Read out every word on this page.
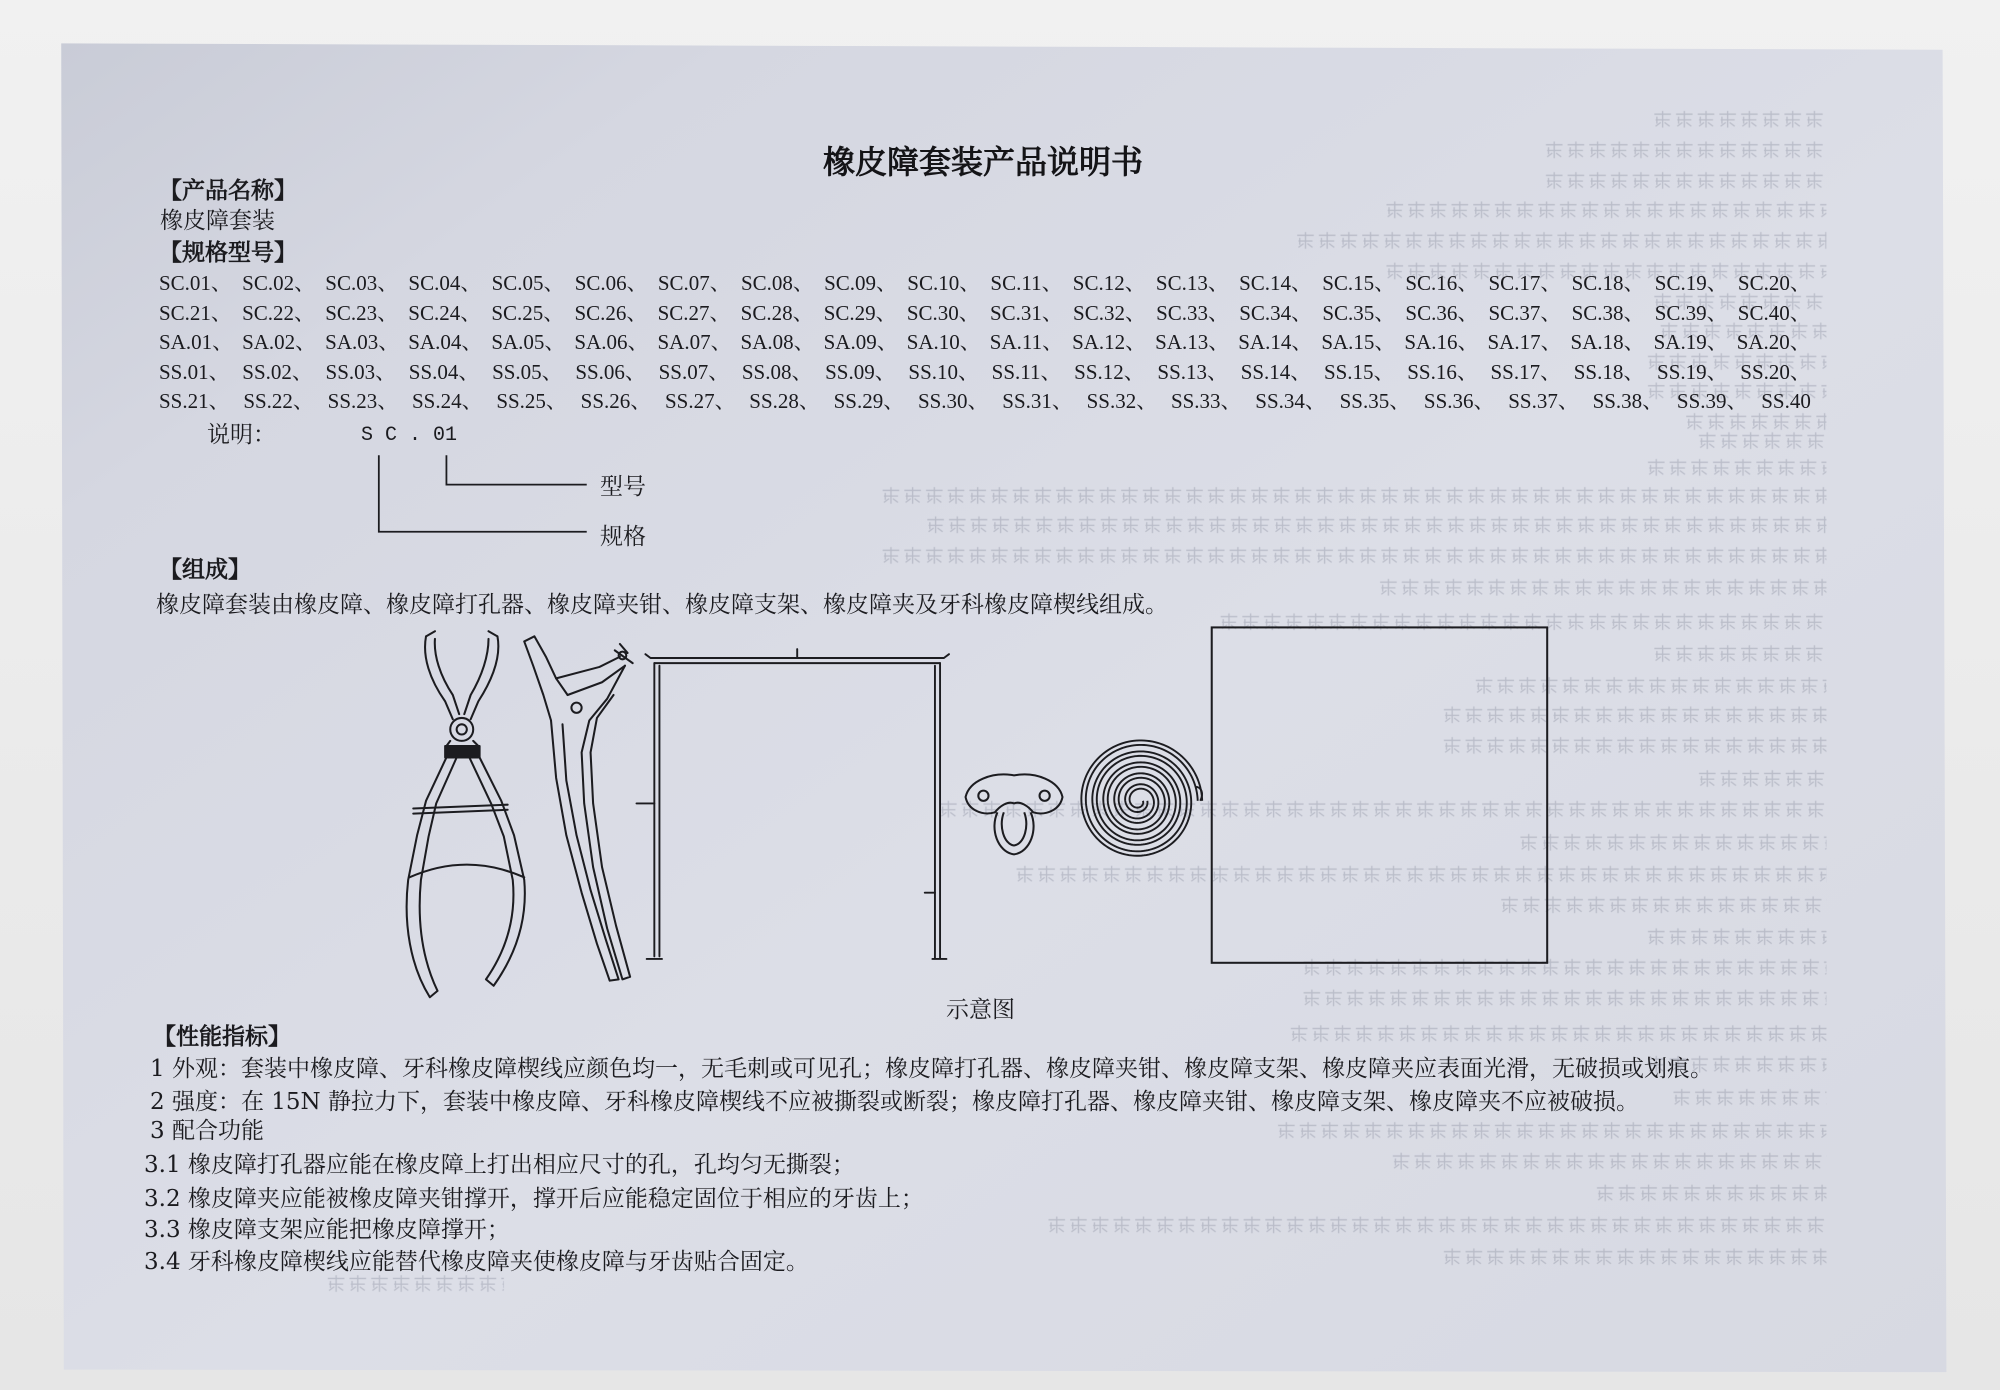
橡皮障套装产品说明书
【产品名称】
橡皮障套装
【规格型号】
SC.01、 SC.02、 SC.03、 SC.04、 SC.05、 SC.06、 SC.07、 SC.08、 SC.09、 SC.10、 SC.11、 SC.12、 SC.13、 SC.14、 SC.15、 SC.16、 SC.17、 SC.18、 SC.19、 SC.20、
SC.21、 SC.22、 SC.23、 SC.24、 SC.25、 SC.26、 SC.27、 SC.28、 SC.29、 SC.30、 SC.31、 SC.32、 SC.33、 SC.34、 SC.35、 SC.36、 SC.37、 SC.38、 SC.39、 SC.40、
SA.01、 SA.02、 SA.03、 SA.04、 SA.05、 SA.06、 SA.07、 SA.08、 SA.09、 SA.10、 SA.11、 SA.12、 SA.13、 SA.14、 SA.15、 SA.16、 SA.17、 SA.18、 SA.19、 SA.20、
SS.01、 SS.02、 SS.03、 SS.04、 SS.05、 SS.06、 SS.07、 SS.08、 SS.09、 SS.10、 SS.11、 SS.12、 SS.13、 SS.14、 SS.15、 SS.16、 SS.17、 SS.18、 SS.19、 SS.20、
SS.21、 SS.22、 SS.23、 SS.24、 SS.25、 SS.26、 SS.27、 SS.28、 SS.29、 SS.30、 SS.31、 SS.32、 SS.33、 SS.34、 SS.35、 SS.36、 SS.37、 SS.38、 SS.39、 SS.40
说明：	S C . 01
型号
规格
【组成】
橡皮障套装由橡皮障、橡皮障打孔器、橡皮障夹钳、橡皮障支架、橡皮障夹及牙科橡皮障楔线组成。
示意图
【性能指标】
1 外观：套装中橡皮障、牙科橡皮障楔线应颜色均一，无毛刺或可见孔；橡皮障打孔器、橡皮障夹钳、橡皮障支架、橡皮障夹应表面光滑，无破损或划痕。
2 强度：在 15N 静拉力下，套装中橡皮障、牙科橡皮障楔线不应被撕裂或断裂；橡皮障打孔器、橡皮障夹钳、橡皮障支架、橡皮障夹不应被破损。
3 配合功能
3.1 橡皮障打孔器应能在橡皮障上打出相应尺寸的孔，孔均匀无撕裂；
3.2 橡皮障夹应能被橡皮障夹钳撑开，撑开后应能稳定固位于相应的牙齿上；
3.3 橡皮障支架应能把橡皮障撑开；
3.4 牙科橡皮障楔线应能替代橡皮障夹使橡皮障与牙齿贴合固定。
